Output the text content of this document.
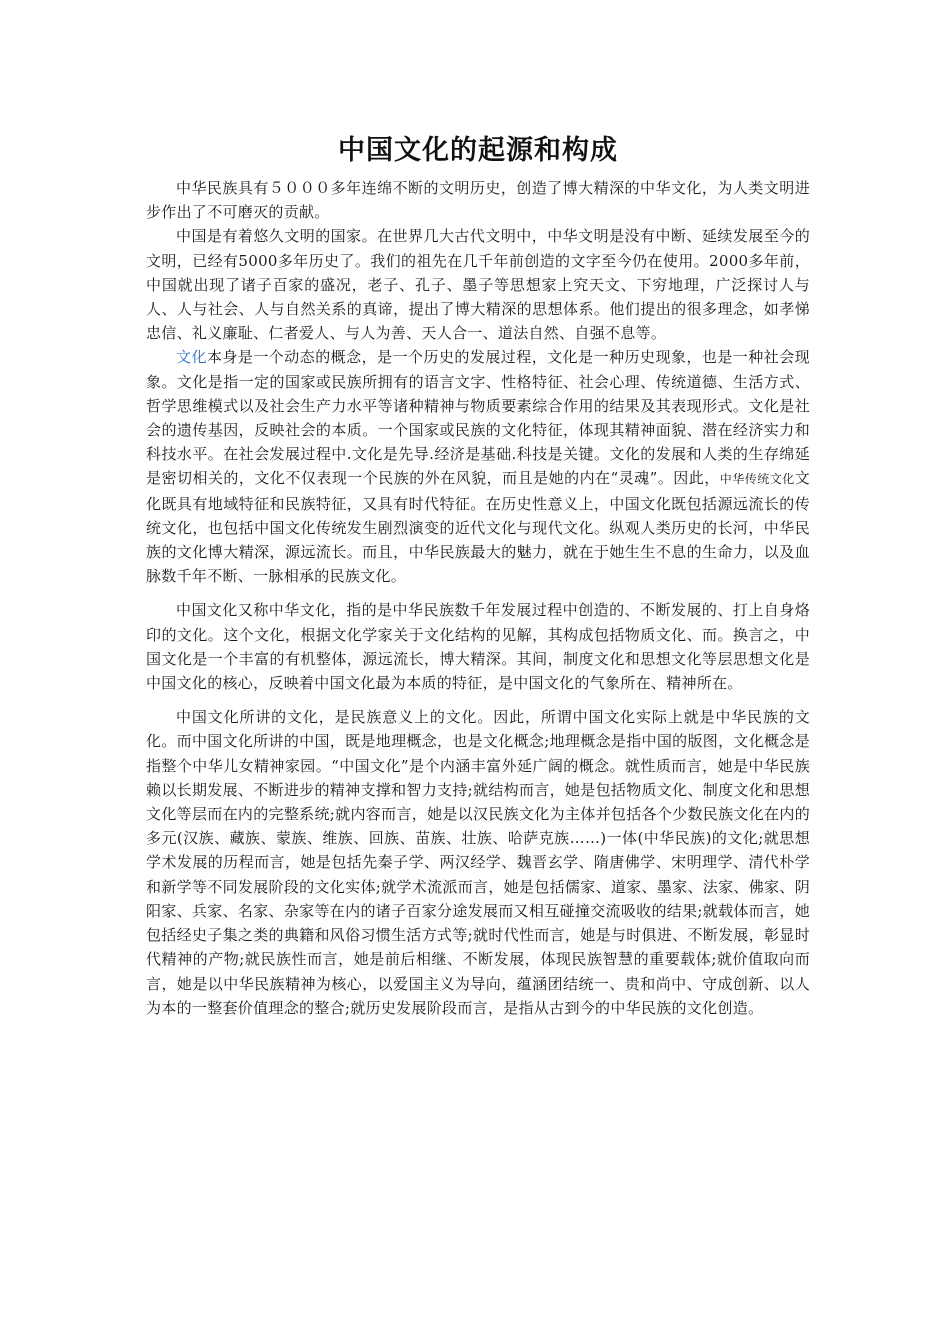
中国文化的起源和构成

中华民族具有５０００多年连绵不断的文明历史，创造了博大精深的中华文化，为人类文明进步作出了不可磨灭的贡献。

中国是有着悠久文明的国家。在世界几大古代文明中，中华文明是没有中断、延续发展至今的文明，已经有5000多年历史了。我们的祖先在几千年前创造的文字至今仍在使用。2000多年前，中国就出现了诸子百家的盛况，老子、孔子、墨子等思想家上究天文、下穷地理，广泛探讨人与人、人与社会、人与自然关系的真谛，提出了博大精深的思想体系。他们提出的很多理念，如孝悌忠信、礼义廉耻、仁者爱人、与人为善、天人合一、道法自然、自强不息等。

文化本身是一个动态的概念，是一个历史的发展过程，文化是一种历史现象，也是一种社会现象。文化是指一定的国家或民族所拥有的语言文字、性格特征、社会心理、传统道德、生活方式、哲学思维模式以及社会生产力水平等诸种精神与物质要素综合作用的结果及其表现形式。文化是社会的遗传基因，反映社会的本质。一个国家或民族的文化特征，体现其精神面貌、潜在经济实力和科技水平。在社会发展过程中.文化是先导.经济是基础.科技是关键。文化的发展和人类的生存绵延是密切相关的，文化不仅表现一个民族的外在风貌，而且是她的内在“灵魂”。因此，中华传统文化文化既具有地域特征和民族特征，又具有时代特征。在历史性意义上，中国文化既包括源远流长的传统文化，也包括中国文化传统发生剧烈演变的近代文化与现代文化。纵观人类历史的长河，中华民族的文化博大精深，源远流长。而且，中华民族最大的魅力，就在于她生生不息的生命力，以及血脉数千年不断、一脉相承的民族文化。

中国文化又称中华文化，指的是中华民族数千年发展过程中创造的、不断发展的、打上自身烙印的文化。这个文化，根据文化学家关于文化结构的见解，其构成包括物质文化、而。换言之，中国文化是一个丰富的有机整体，源远流长，博大精深。其间，制度文化和思想文化等层思想文化是中国文化的核心，反映着中国文化最为本质的特征，是中国文化的气象所在、精神所在。

中国文化所讲的文化，是民族意义上的文化。因此，所谓中国文化实际上就是中华民族的文化。而中国文化所讲的中国，既是地理概念，也是文化概念;地理概念是指中国的版图，文化概念是指整个中华儿女精神家园。“中国文化”是个内涵丰富外延广阔的概念。就性质而言，她是中华民族赖以长期发展、不断进步的精神支撑和智力支持;就结构而言，她是包括物质文化、制度文化和思想文化等层而在内的完整系统;就内容而言，她是以汉民族文化为主体并包括各个少数民族文化在内的多元(汉族、藏族、蒙族、维族、回族、苗族、壮族、哈萨克族……)一体(中华民族)的文化;就思想学术发展的历程而言，她是包括先秦子学、两汉经学、魏晋玄学、隋唐佛学、宋明理学、清代朴学和新学等不同发展阶段的文化实体;就学术流派而言，她是包括儒家、道家、墨家、法家、佛家、阴阳家、兵家、名家、杂家等在内的诸子百家分途发展而又相互碰撞交流吸收的结果;就载体而言，她包括经史子集之类的典籍和风俗习惯生活方式等;就时代性而言，她是与时俱进、不断发展，彰显时代精神的产物;就民族性而言，她是前后相继、不断发展，体现民族智慧的重要载体;就价值取向而言，她是以中华民族精神为核心，以爱国主义为导向，蕴涵团结统一、贵和尚中、守成创新、以人为本的一整套价值理念的整合;就历史发展阶段而言，是指从古到今的中华民族的文化创造。
